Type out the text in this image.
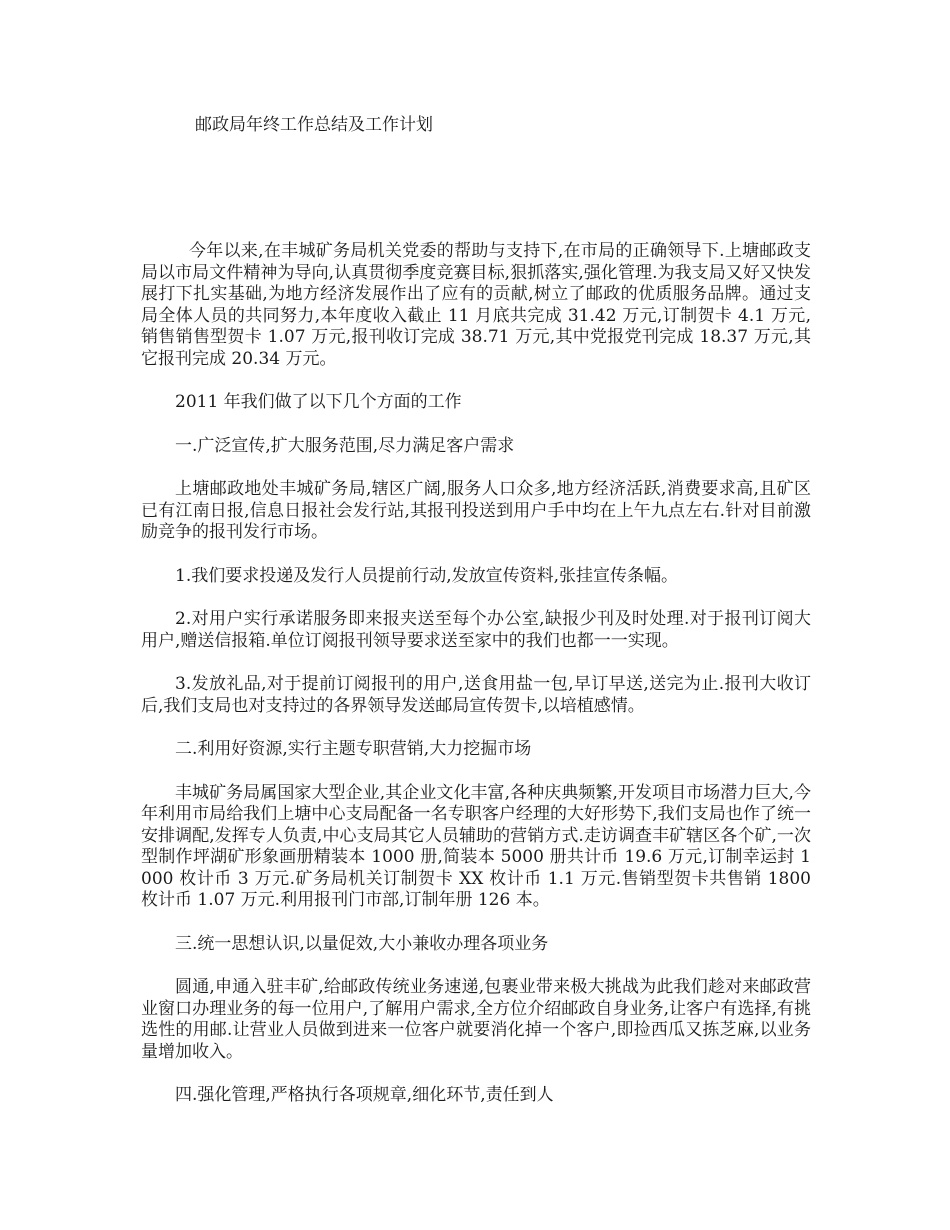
邮政局年终工作总结及工作计划

今年以来,在丰城矿务局机关党委的帮助与支持下,在市局的正确领导下.上塘邮政支局以市局文件精神为导向,认真贯彻季度竞赛目标,狠抓落实,强化管理.为我支局又好又快发展打下扎实基础,为地方经济发展作出了应有的贡献,树立了邮政的优质服务品牌。通过支局全体人员的共同努力,本年度收入截止 11 月底共完成 31.42 万元,订制贺卡 4.1 万元,销售销售型贺卡 1.07 万元,报刊收订完成 38.71 万元,其中党报党刊完成 18.37 万元,其它报刊完成 20.34 万元。

2011 年我们做了以下几个方面的工作

一.广泛宣传,扩大服务范围,尽力满足客户需求

上塘邮政地处丰城矿务局,辖区广阔,服务人口众多,地方经济活跃,消费要求高,且矿区已有江南日报,信息日报社会发行站,其报刊投送到用户手中均在上午九点左右.针对目前激励竞争的报刊发行市场。

1.我们要求投递及发行人员提前行动,发放宣传资料,张挂宣传条幅。

2.对用户实行承诺服务即来报夹送至每个办公室,缺报少刊及时处理.对于报刊订阅大用户,赠送信报箱.单位订阅报刊领导要求送至家中的我们也都一一实现。

3.发放礼品,对于提前订阅报刊的用户,送食用盐一包,早订早送,送完为止.报刊大收订后,我们支局也对支持过的各界领导发送邮局宣传贺卡,以培植感情。

二.利用好资源,实行主题专职营销,大力挖掘市场

丰城矿务局属国家大型企业,其企业文化丰富,各种庆典频繁,开发项目市场潜力巨大,今年利用市局给我们上塘中心支局配备一名专职客户经理的大好形势下,我们支局也作了统一安排调配,发挥专人负责,中心支局其它人员辅助的营销方式.走访调查丰矿辖区各个矿,一次型制作坪湖矿形象画册精装本 1000 册,简装本 5000 册共计币 19.6 万元,订制幸运封 1000 枚计币 3 万元.矿务局机关订制贺卡 XX 枚计币 1.1 万元.售销型贺卡共售销 1800 枚计币 1.07 万元.利用报刊门市部,订制年册 126 本。

三.统一思想认识,以量促效,大小兼收办理各项业务

圆通,申通入驻丰矿,给邮政传统业务速递,包裹业带来极大挑战为此我们趁对来邮政营业窗口办理业务的每一位用户,了解用户需求,全方位介绍邮政自身业务,让客户有选择,有挑选性的用邮.让营业人员做到进来一位客户就要消化掉一个客户,即捡西瓜又拣芝麻,以业务量增加收入。

四.强化管理,严格执行各项规章,细化环节,责任到人
